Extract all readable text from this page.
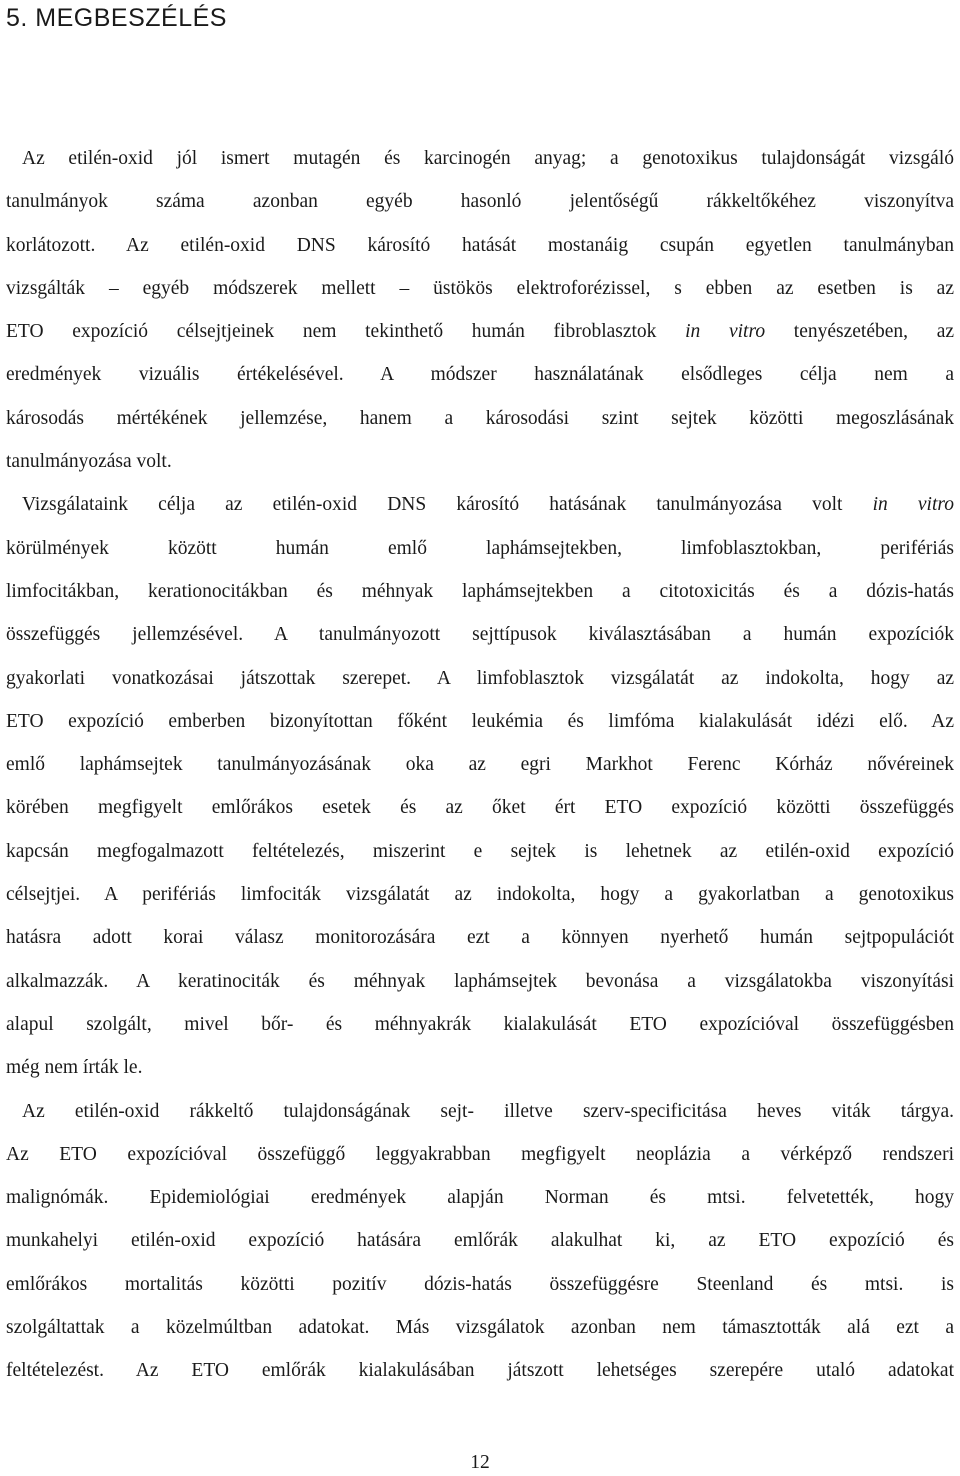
5. MEGBESZÉLÉS
Az etilén-oxid jól ismert mutagén és karcinogén anyag; a genotoxikus tulajdonságát vizsgáló
tanulmányok száma azonban egyéb hasonló jelentőségű rákkeltőkéhez viszonyítva
korlátozott. Az etilén-oxid DNS károsító hatását mostanáig csupán egyetlen tanulmányban
vizsgálták – egyéb módszerek mellett – üstökös elektroforézissel, s ebben az esetben is az
ETO expozíció célsejtjeinek nem tekinthető humán fibroblasztok in vitro tenyészetében, az
eredmények vizuális értékelésével. A módszer használatának elsődleges célja nem a
károsodás mértékének jellemzése, hanem a károsodási szint sejtek közötti megoszlásának
tanulmányozása volt.
Vizsgálataink célja az etilén-oxid DNS károsító hatásának tanulmányozása volt in vitro
körülmények között humán emlő laphámsejtekben, limfoblasztokban, perifériás
limfocitákban, kerationocitákban és méhnyak laphámsejtekben a citotoxicitás és a dózis-hatás
összefüggés jellemzésével. A tanulmányozott sejttípusok kiválasztásában a humán expozíciók
gyakorlati vonatkozásai játszottak szerepet. A limfoblasztok vizsgálatát az indokolta, hogy az
ETO expozíció emberben bizonyítottan főként leukémia és limfóma kialakulását idézi elő. Az
emlő laphámsejtek tanulmányozásának oka az egri Markhot Ferenc Kórház nővéreinek
körében megfigyelt emlőrákos esetek és az őket ért ETO expozíció közötti összefüggés
kapcsán megfogalmazott feltételezés, miszerint e sejtek is lehetnek az etilén-oxid expozíció
célsejtjei. A perifériás limfociták vizsgálatát az indokolta, hogy a gyakorlatban a genotoxikus
hatásra adott korai válasz monitorozására ezt a könnyen nyerhető humán sejtpopulációt
alkalmazzák. A keratinociták és méhnyak laphámsejtek bevonása a vizsgálatokba viszonyítási
alapul szolgált, mivel bőr- és méhnyakrák kialakulását ETO expozícióval összefüggésben
még nem írták le.
Az etilén-oxid rákkeltő tulajdonságának sejt- illetve szerv-specificitása heves viták tárgya.
Az ETO expozícióval összefüggő leggyakrabban megfigyelt neoplázia a vérképző rendszeri
malignómák. Epidemiológiai eredmények alapján Norman és mtsi. felvetették, hogy
munkahelyi etilén-oxid expozíció hatására emlőrák alakulhat ki, az ETO expozíció és
emlőrákos mortalitás közötti pozitív dózis-hatás összefüggésre Steenland és mtsi. is
szolgáltattak a közelmúltban adatokat. Más vizsgálatok azonban nem támasztották alá ezt a
feltételezést. Az ETO emlőrák kialakulásában játszott lehetséges szerepére utaló adatokat
12
